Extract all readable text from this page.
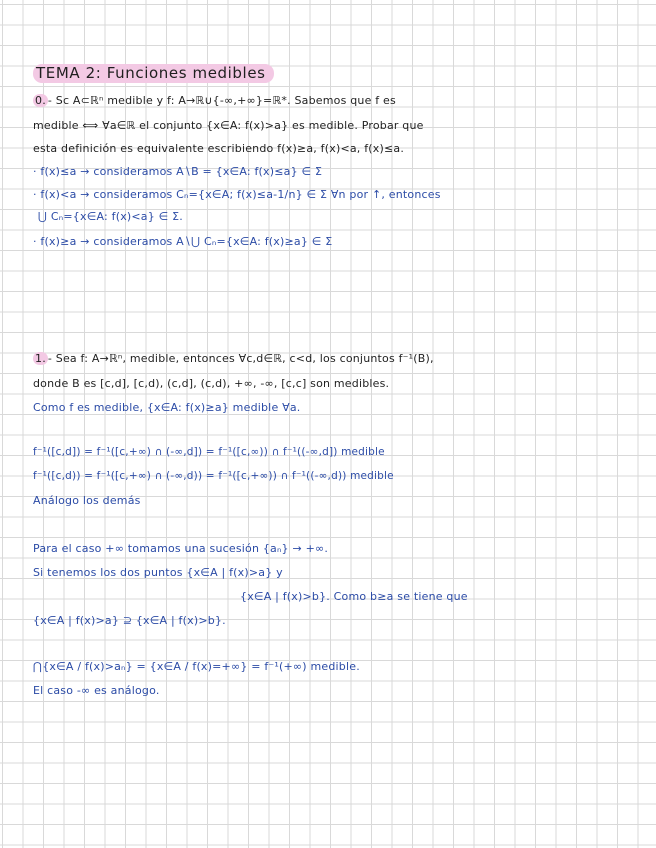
TEMA 2: Funciones medibles
0. - Sc A⊂ℝⁿ medible y f: A→ℝ∪{-∞,+∞}=ℝ*. Sabemos que f es
medible ⟺ ∀a∈ℝ el conjunto {x∈A: f(x)>a} es medible. Probar que
esta definición es equivalente escribiendo f(x)≥a, f(x)<a, f(x)≤a.
· f(x)≤a → consideramos A∖B = {x∈A: f(x)≤a} ∈ Σ
· f(x)<a → consideramos Cₙ={x∈A; f(x)≤a-1/n} ∈ Σ ∀n por ↑, entonces
⋃ Cₙ={x∈A: f(x)<a} ∈ Σ.
· f(x)≥a → consideramos A∖⋃ Cₙ={x∈A: f(x)≥a} ∈ Σ
1. - Sea f: A→ℝⁿ, medible, entonces ∀c,d∈ℝ, c<d, los conjuntos f⁻¹(B),
donde B es [c,d], [c,d), (c,d], (c,d), +∞, -∞, [c,c] son medibles.
Como f es medible, {x∈A: f(x)≥a} medible ∀a.
f⁻¹([c,d]) = f⁻¹([c,+∞) ∩ (-∞,d]) = f⁻¹([c,∞)) ∩ f⁻¹((-∞,d]) medible
f⁻¹([c,d)) = f⁻¹([c,+∞) ∩ (-∞,d)) = f⁻¹([c,+∞)) ∩ f⁻¹((-∞,d)) medible
Análogo los demás
Para el caso +∞ tomamos una sucesión {aₙ} → +∞.
Si tenemos los dos puntos {x∈A | f(x)>a} y
{x∈A | f(x)>b}. Como b≥a se tiene que
{x∈A | f(x)>a} ⊇ {x∈A | f(x)>b}.
⋂{x∈A / f(x)>aₙ} = {x∈A / f(x)=+∞} = f⁻¹(+∞) medible.
El caso -∞ es análogo.
